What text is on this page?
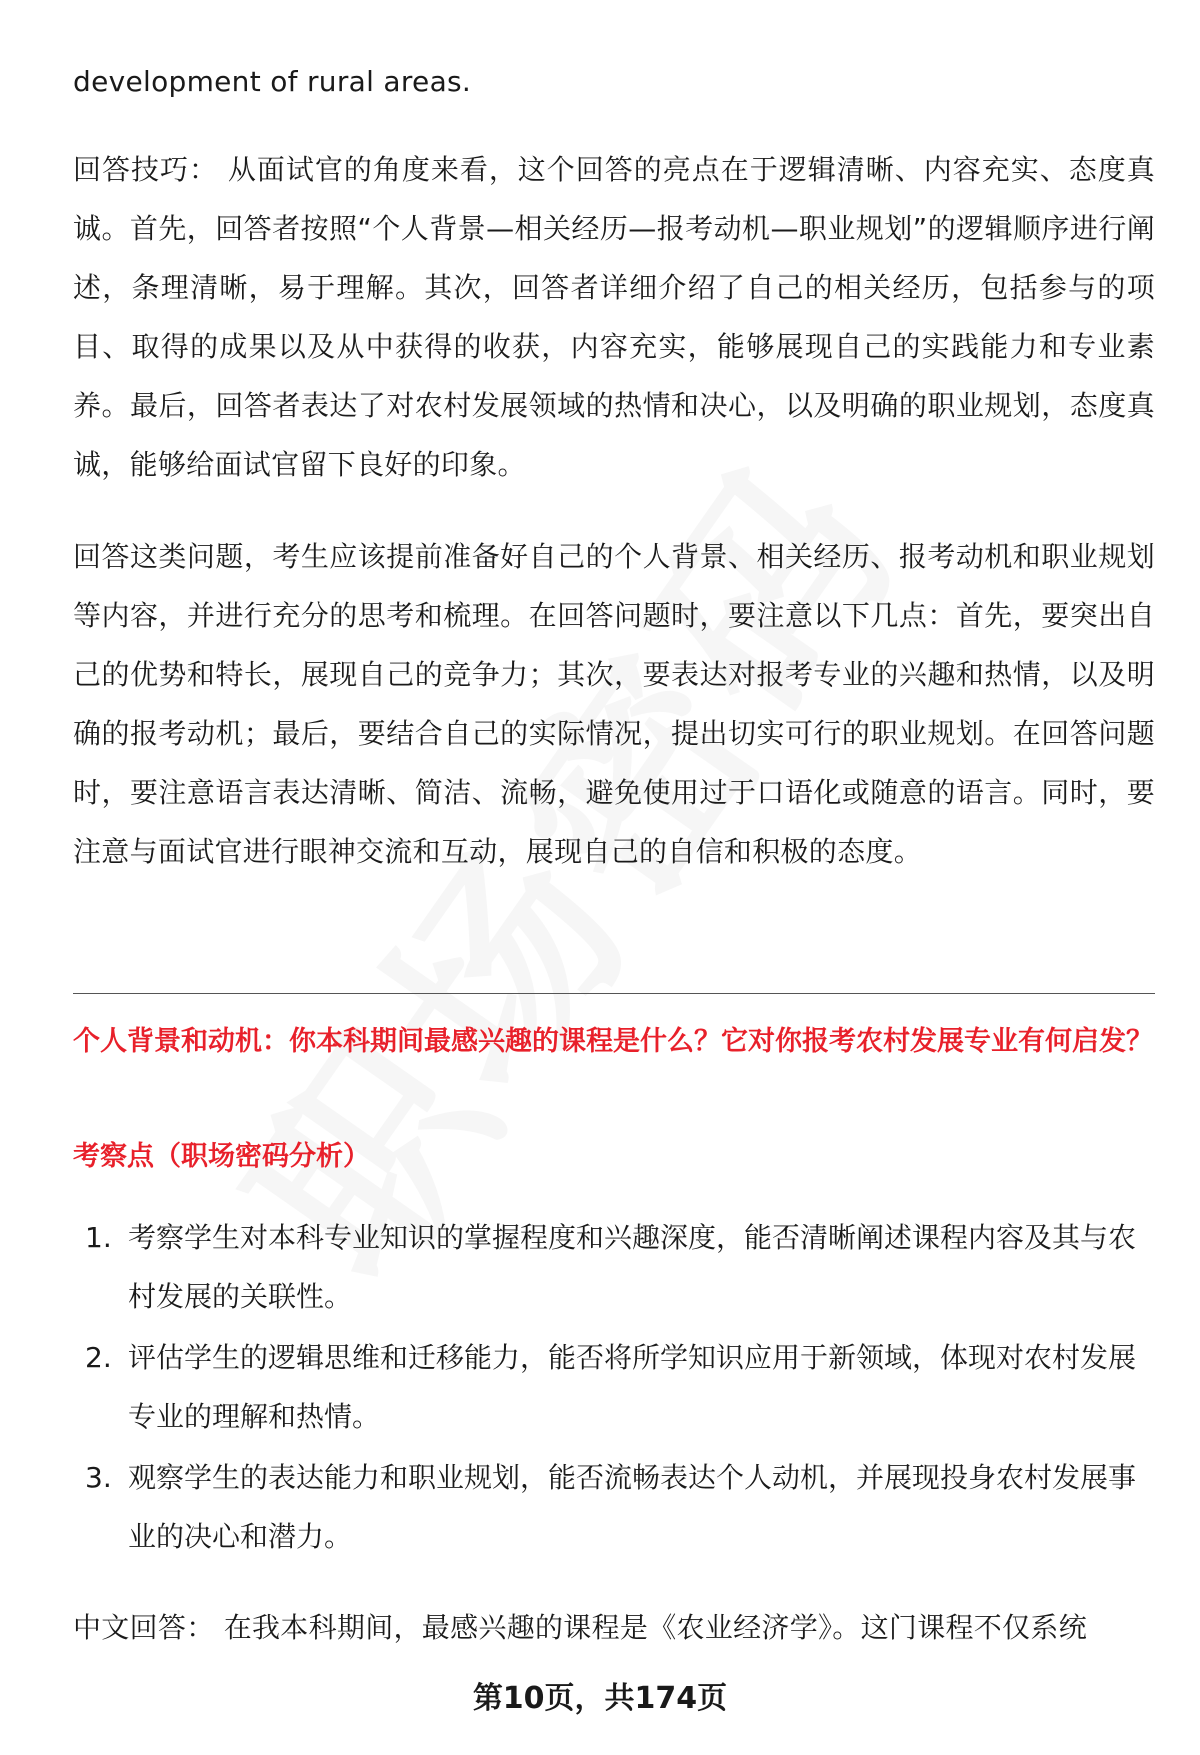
development of rural areas.

回答技巧： 从面试官的角度来看，这个回答的亮点在于逻辑清晰、内容充实、态度真诚。首先，回答者按照“个人背景—相关经历—报考动机—职业规划”的逻辑顺序进行阐述，条理清晰，易于理解。其次，回答者详细介绍了自己的相关经历，包括参与的项目、取得的成果以及从中获得的收获，内容充实，能够展现自己的实践能力和专业素养。最后，回答者表达了对农村发展领域的热情和决心，以及明确的职业规划，态度真诚，能够给面试官留下良好的印象。

回答这类问题，考生应该提前准备好自己的个人背景、相关经历、报考动机和职业规划等内容，并进行充分的思考和梳理。在回答问题时，要注意以下几点：首先，要突出自己的优势和特长，展现自己的竞争力；其次，要表达对报考专业的兴趣和热情，以及明确的报考动机；最后，要结合自己的实际情况，提出切实可行的职业规划。在回答问题时，要注意语言表达清晰、简洁、流畅，避免使用过于口语化或随意的语言。同时，要注意与面试官进行眼神交流和互动，展现自己的自信和积极的态度。

个人背景和动机：你本科期间最感兴趣的课程是什么？它对你报考农村发展专业有何启发？

考察点（职场密码分析）

1. 考察学生对本科专业知识的掌握程度和兴趣深度，能否清晰阐述课程内容及其与农村发展的关联性。
2. 评估学生的逻辑思维和迁移能力，能否将所学知识应用于新领域，体现对农村发展专业的理解和热情。
3. 观察学生的表达能力和职业规划，能否流畅表达个人动机，并展现投身农村发展事业的决心和潜力。

中文回答： 在我本科期间，最感兴趣的课程是《农业经济学》。这门课程不仅系统

第10页，共174页
